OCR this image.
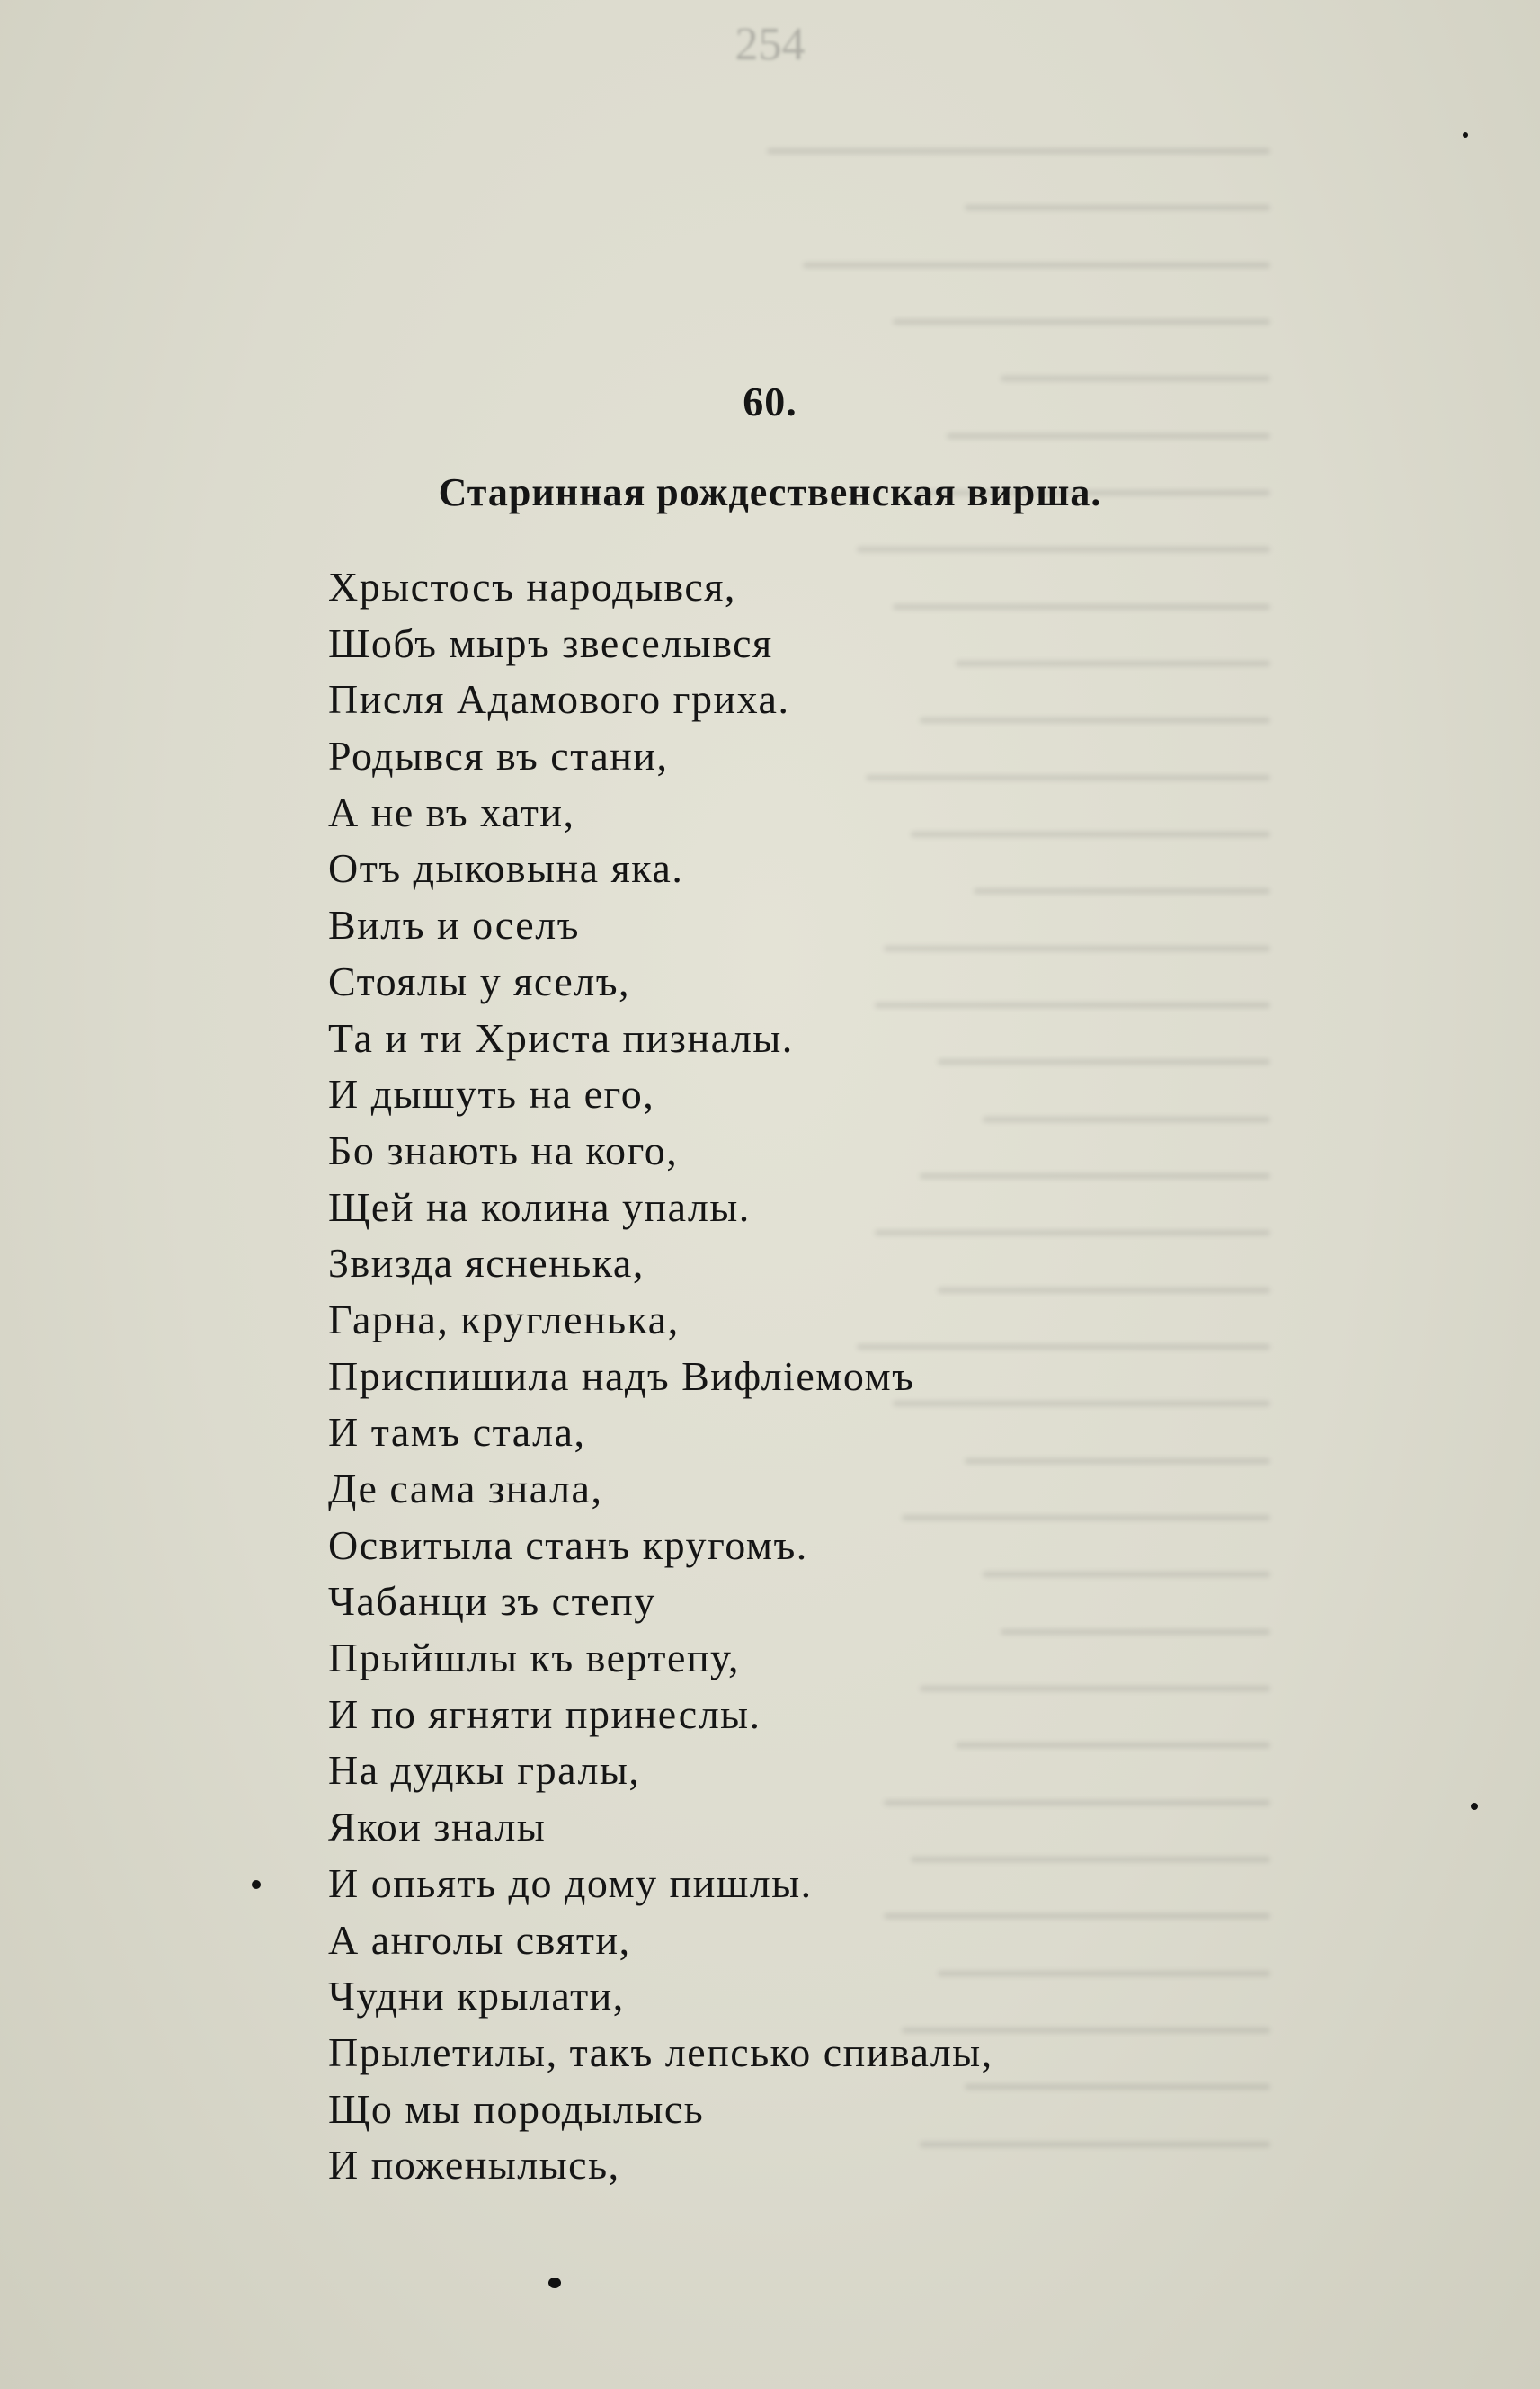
254
60.
Старинная рождественская вирша.
Хрыстосъ народывся,
Шобъ мыръ звеселывся
Писля Адамового гриха.
Родывся въ стани,
А не въ хати,
Отъ дыковына яка.
Вилъ и оселъ
Стоялы у яселъ,
Та и ти Христа пизналы.
И дышуть на его,
Бо знають на кого,
Щей на колина упалы.
Звизда ясненька,
Гарна, кругленька,
Приспишила надъ Вифлiемомъ
И тамъ стала,
Де сама знала,
Освитыла станъ кругомъ.
Чабанци зъ степу
Прыйшлы къ вертепу,
И по ягняти принеслы.
На дудкы гралы,
Якои зналы
И опьять до дому пишлы.
А анголы святи,
Чудни крылати,
Прылетилы, такъ лепсько спивалы,
Що мы породылысь
И поженылысь,
